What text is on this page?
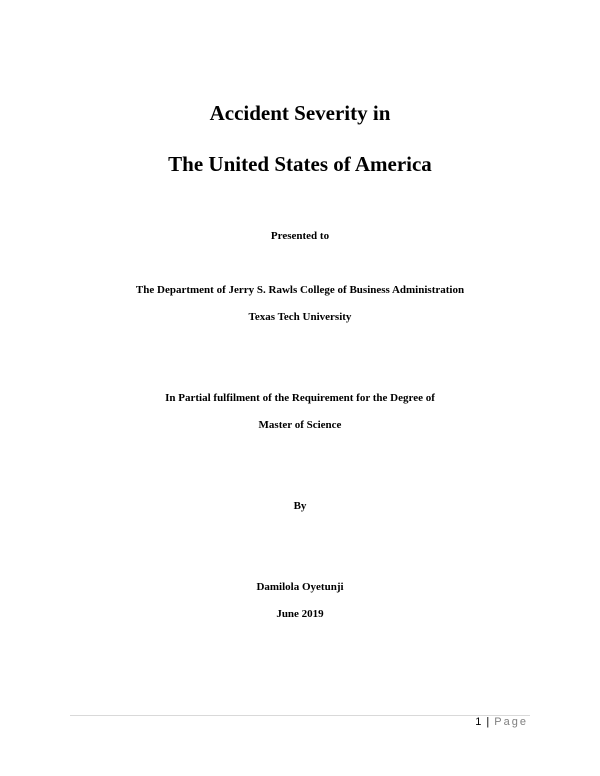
Accident Severity in
The United States of America
Presented to
The Department of Jerry S. Rawls College of Business Administration
Texas Tech University
In Partial fulfilment of the Requirement for the Degree of
Master of Science
By
Damilola Oyetunji
June 2019
1 | Page
